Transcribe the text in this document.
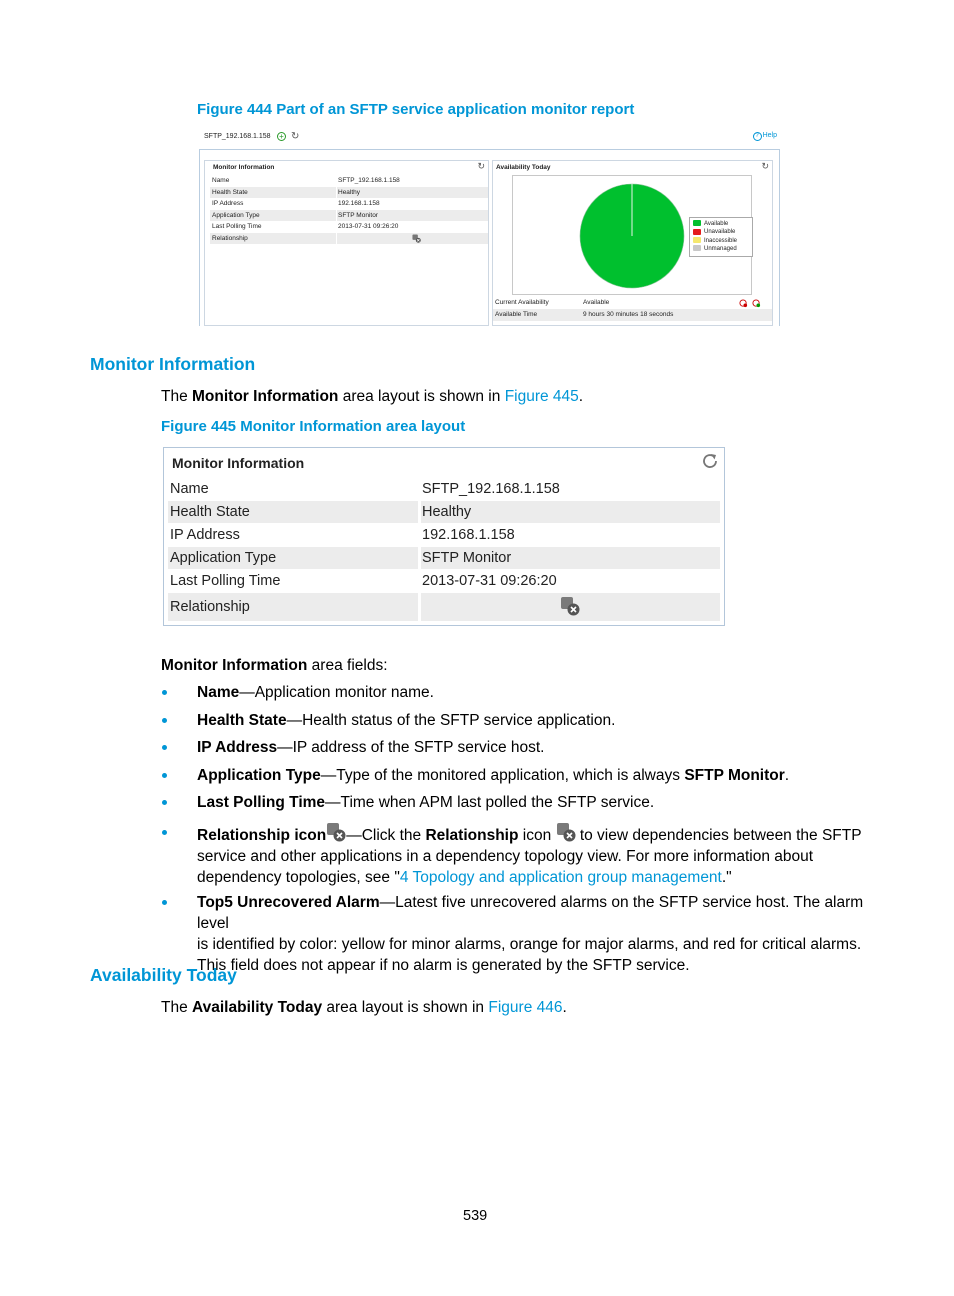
Figure 444 Part of an SFTP service application monitor report
SFTP_192.168.1.158 + ↻	? Help
Monitor Information	↻
Name	SFTP_192.168.1.158
Health State	Healthy
IP Address	192.168.1.158
Application Type	SFTP Monitor
Last Polling Time	2013-07-31 09:26:20
Relationship
Availability Today	↻
Available
Unavailable
Inaccessible
Unmanaged
Current Availability	Available
Available Time	9 hours 30 minutes 18 seconds
Monitor Information
The Monitor Information area layout is shown in Figure 445.
Figure 445 Monitor Information area layout
Monitor Information
Name	SFTP_192.168.1.158
Health State	Healthy
IP Address	192.168.1.158
Application Type	SFTP Monitor
Last Polling Time	2013-07-31 09:26:20
Relationship
Monitor Information area fields:
Name—Application monitor name.
Health State—Health status of the SFTP service application.
IP Address—IP address of the SFTP service host.
Application Type—Type of the monitored application, which is always SFTP Monitor.
Last Polling Time—Time when APM last polled the SFTP service.
Relationship icon —Click the Relationship icon  to view dependencies between the SFTP
service and other applications in a dependency topology view. For more information about
dependency topologies, see "4 Topology and application group management."
Top5 Unrecovered Alarm—Latest five unrecovered alarms on the SFTP service host. The alarm level
is identified by color: yellow for minor alarms, orange for major alarms, and red for critical alarms.
This field does not appear if no alarm is generated by the SFTP service.
Availability Today
The Availability Today area layout is shown in Figure 446.
539
